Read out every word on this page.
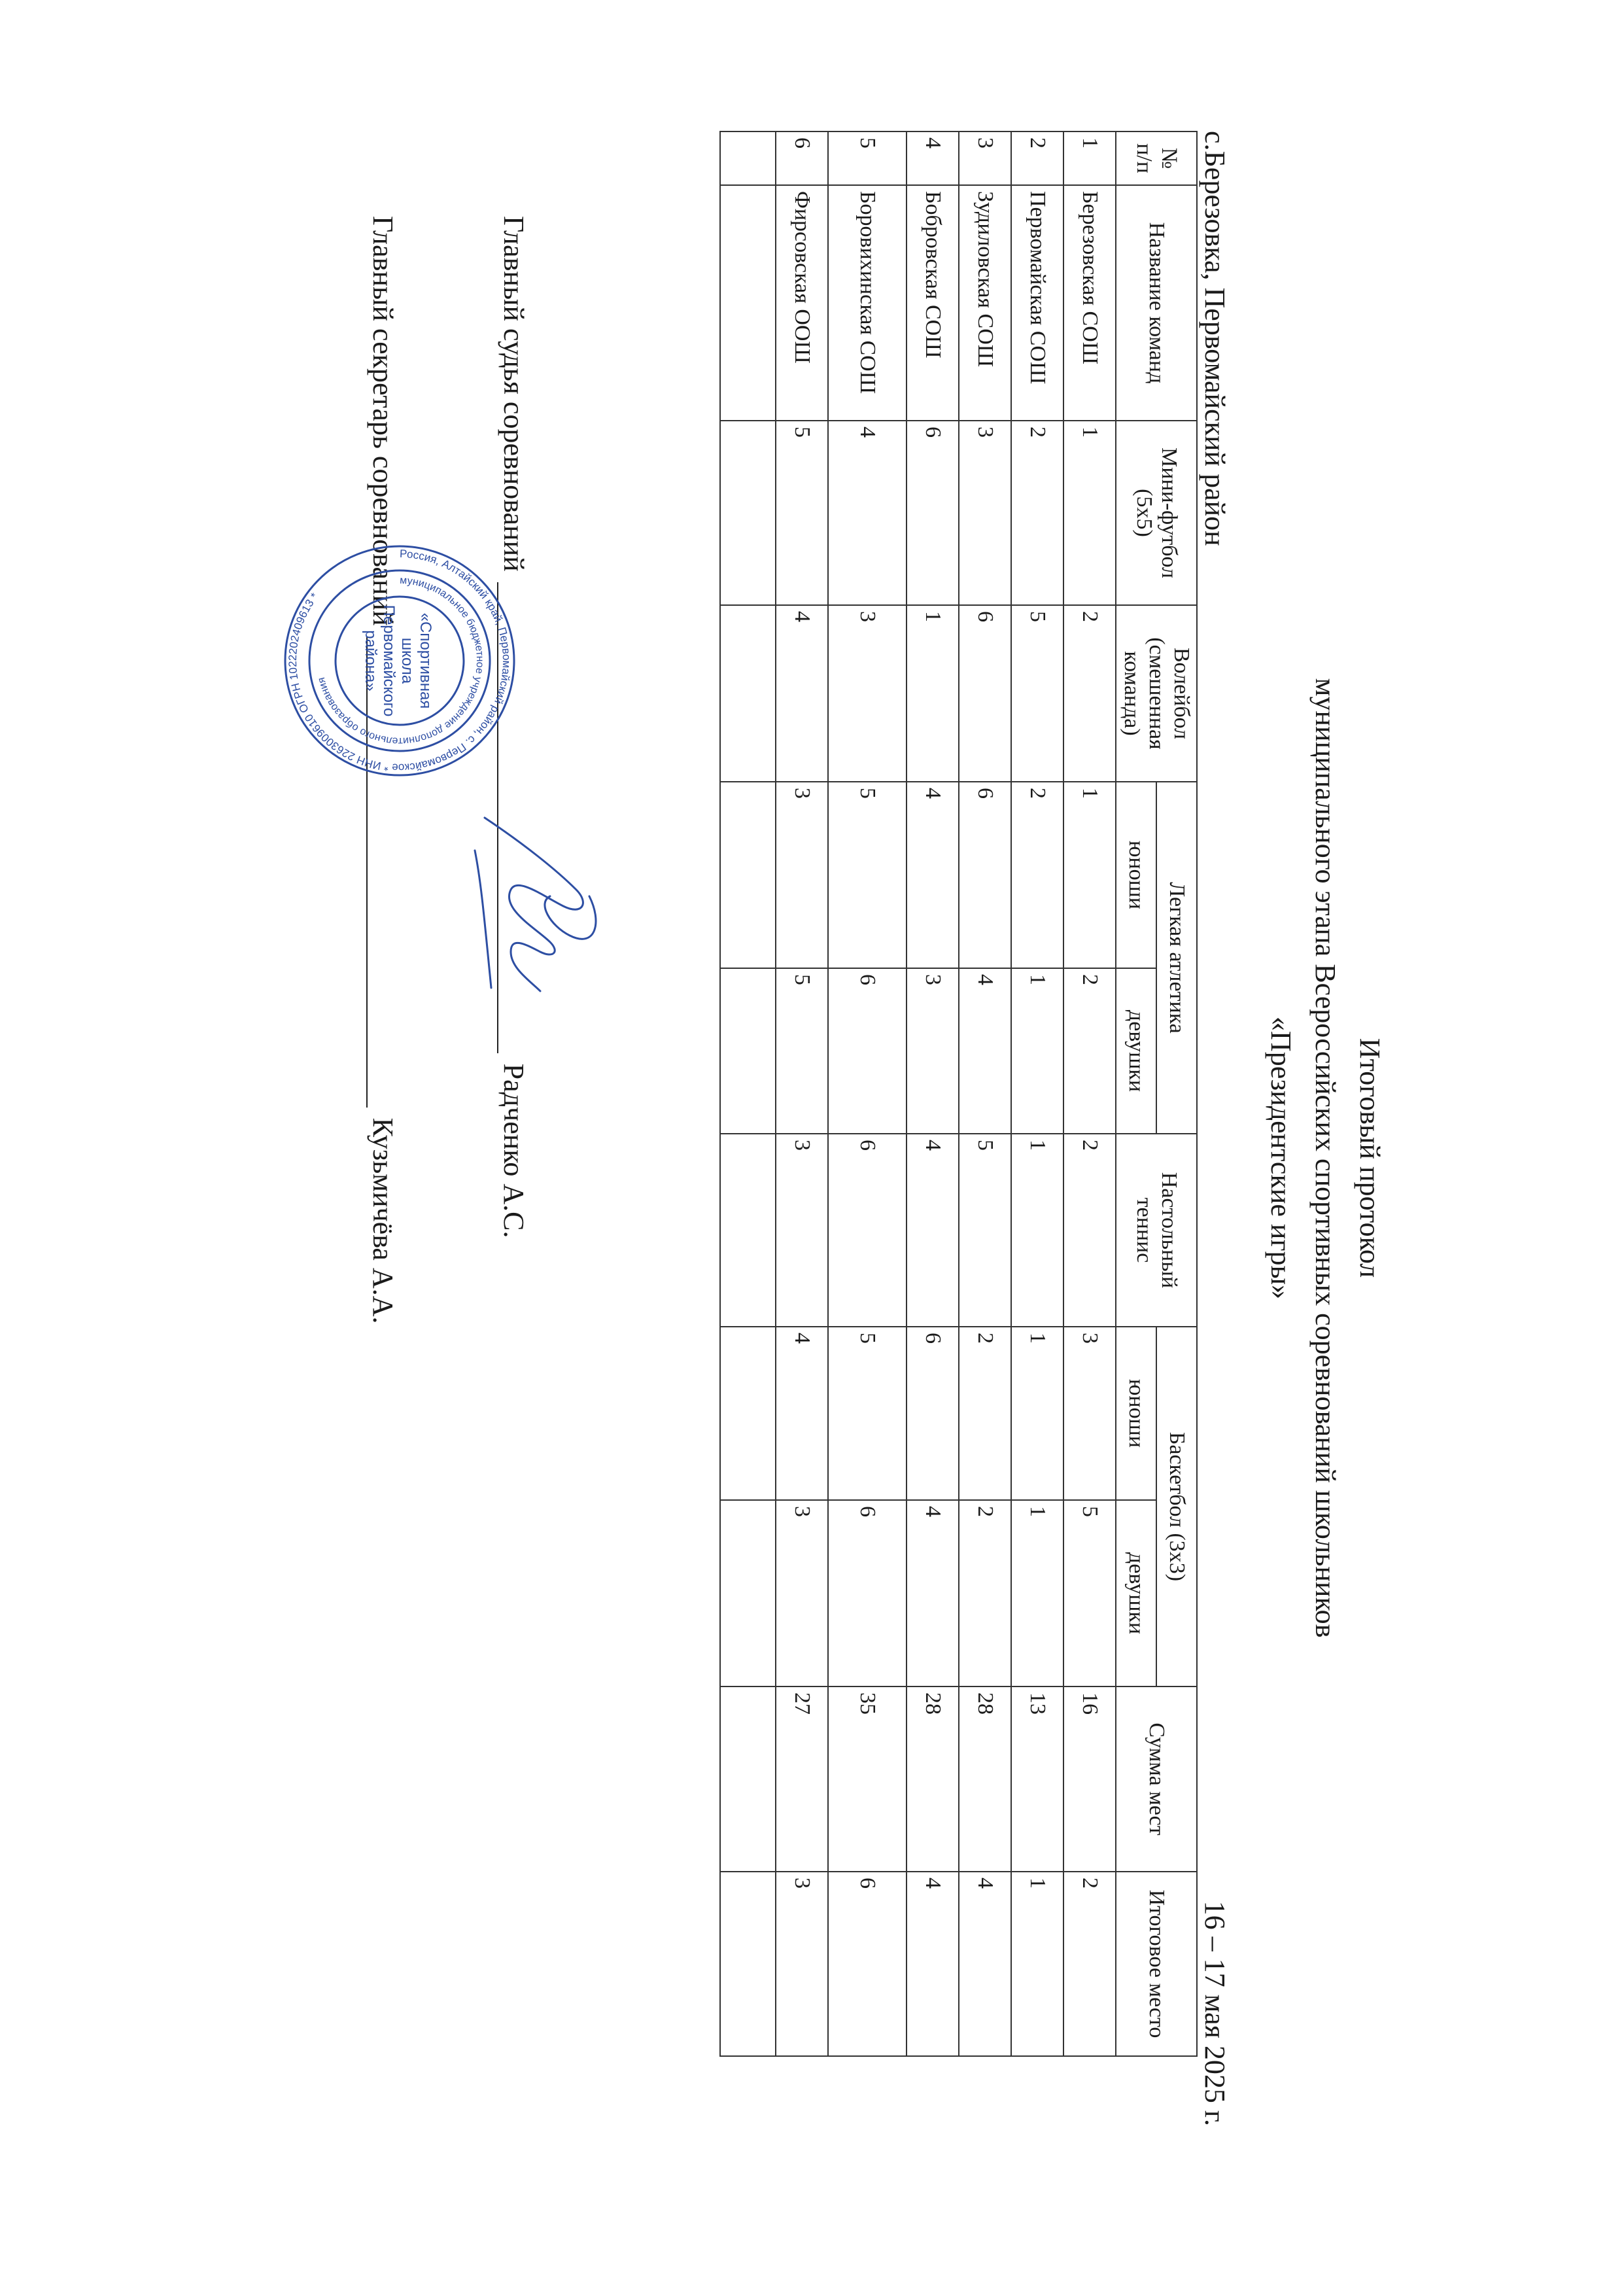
Итоговый протокол
муниципального этапа Всероссийских спортивных соревнований школьников
«Президентские игры»
с.Березовка, Первомайский район
16 – 17 мая 2025 г.
№ п/п	Название команд	Мини-футбол (5х5)	Волейбол (смешенная команда)	Легкая атлетика		Настольный теннис	Баскетбол (3х3)		Сумма мест	Итоговое место
				юноши	девушки		юноши	девушки		
1	Березовская СОШ	1	2	1	2	2	3	5	16	2
2	Первомайская СОШ	2	5	2	1	1	1	1	13	1
3	Зудиловская СОШ	3	6	6	4	5	2	2	28	4
4	Бобровская СОШ	6	1	4	3	4	6	4	28	4
5	Боровихинская СОШ	4	3	5	6	6	5	6	35	6
6	Фирсовская ООШ	5	4	3	5	3	4	3	27	3

Главный судья соревнованийРадченко А.С.
Главный секретарь соревнованийКузьмичёва А.А.
Россия, Алтайский край, Первомайский район, с. Первомайское * ИНН 2263009610 ОГРН 1022202409613 *
муниципальное бюджетное учреждение дополнительного образования	«Спортивная
школа
Первомайского
района»
